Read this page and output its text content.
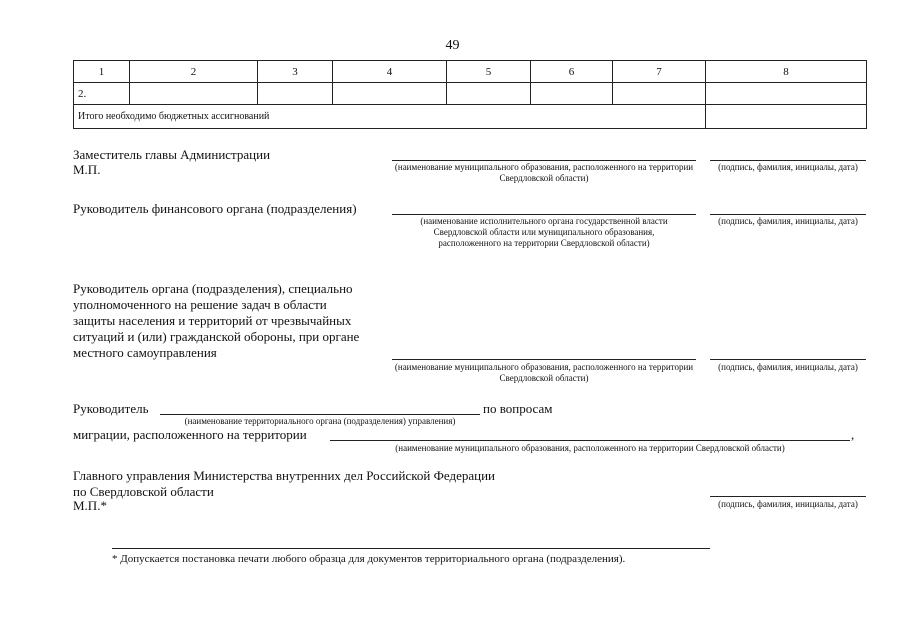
49
1	2	3	4	5	6	7	8
2.							
Итого необходимо бюджетных ассигнований							
Заместитель главы Администрации
М.П.	(наименование муниципального образования, расположенного на территории Свердловской области)
(подпись, фамилия, инициалы, дата)
Руководитель финансового органа (подразделения)
(наименование исполнительного органа государственной власти Свердловской области или муниципального образования, расположенного на территории Свердловской области)
(подпись, фамилия, инициалы, дата)
Руководитель органа (подразделения), специально
уполномоченного на решение задач в области
защиты населения и территорий от чрезвычайных
ситуаций и (или) гражданской обороны, при органе
местного самоуправления
(наименование муниципального образования, расположенного на территории Свердловской области)
(подпись, фамилия, инициалы, дата)
Руководитель	по вопросам
(наименование территориального органа (подразделения) управления)
миграции, расположенного на территории	,
(наименование муниципального образования, расположенного на территории Свердловской области)
Главного управления Министерства внутренних дел Российской Федерации
по Свердловской области
М.П.*	(подпись, фамилия, инициалы, дата)
* Допускается постановка печати любого образца для документов территориального органа (подразделения).
